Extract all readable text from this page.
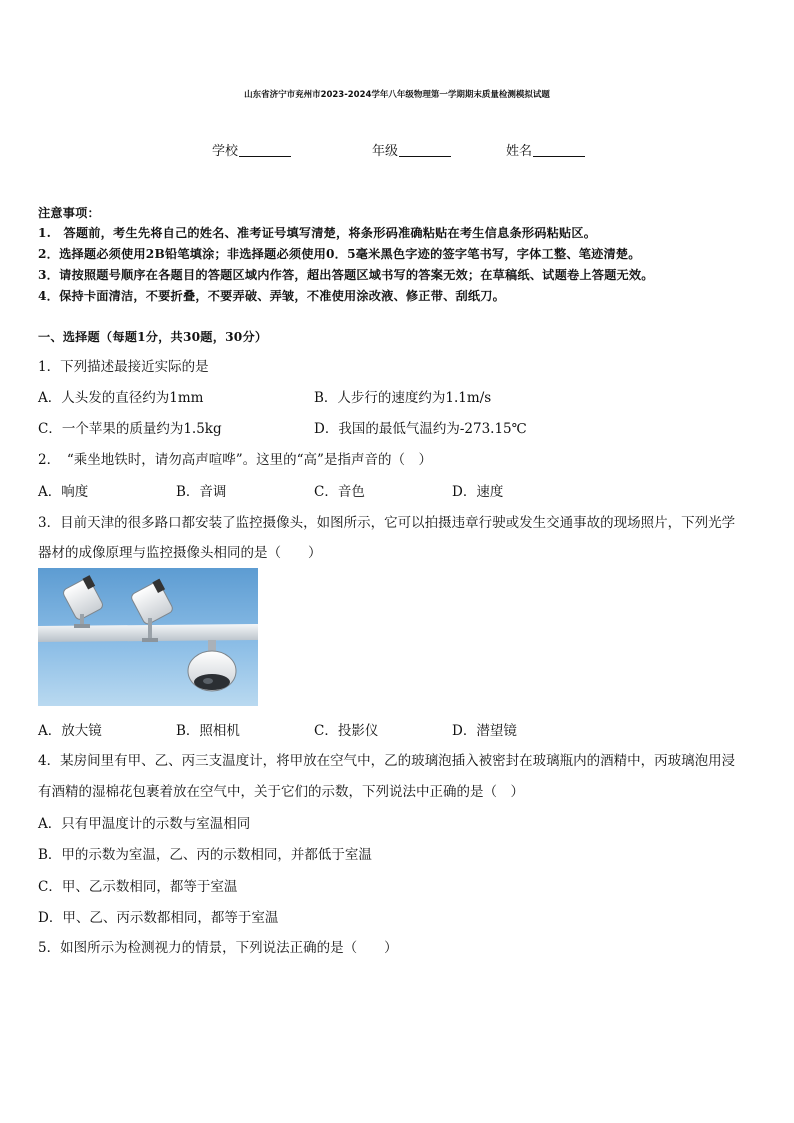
山东省济宁市兖州市2023-2024学年八年级物理第一学期期末质量检测模拟试题
学校	年级	姓名
注意事项：
1.　答题前，考生先将自己的姓名、准考证号填写清楚，将条形码准确粘贴在考生信息条形码粘贴区。
2．选择题必须使用2B铅笔填涂；非选择题必须使用0．5毫米黑色字迹的签字笔书写，字体工整、笔迹清楚。
3．请按照题号顺序在各题目的答题区域内作答，超出答题区域书写的答案无效；在草稿纸、试题卷上答题无效。
4．保持卡面清洁，不要折叠，不要弄破、弄皱，不准使用涂改液、修正带、刮纸刀。
一、选择题（每题1分，共30题，30分）
1．下列描述最接近实际的是
A．人头发的直径约为1mm	B．人步行的速度约为1.1m/s
C．一个苹果的质量约为1.5kg	D．我国的最低气温约为-273.15℃
2．　“乘坐地铁时，请勿高声喧哗”。这里的“高”是指声音的（　）
A．响度	B．音调	C．音色	D．速度
3．目前天津的很多路口都安装了监控摄像头，如图所示，它可以拍摄违章行驶或发生交通事故的现场照片，下列光学
器材的成像原理与监控摄像头相同的是（　　）
A．放大镜	B．照相机	C．投影仪	D．潜望镜
4．某房间里有甲、乙、丙三支温度计，将甲放在空气中，乙的玻璃泡插入被密封在玻璃瓶内的酒精中，丙玻璃泡用浸
有酒精的湿棉花包裹着放在空气中，关于它们的示数，下列说法中正确的是（　）
A．只有甲温度计的示数与室温相同
B．甲的示数为室温，乙、丙的示数相同，并都低于室温
C．甲、乙示数相同，都等于室温
D．甲、乙、丙示数都相同，都等于室温
5．如图所示为检测视力的情景，下列说法正确的是（　　）
